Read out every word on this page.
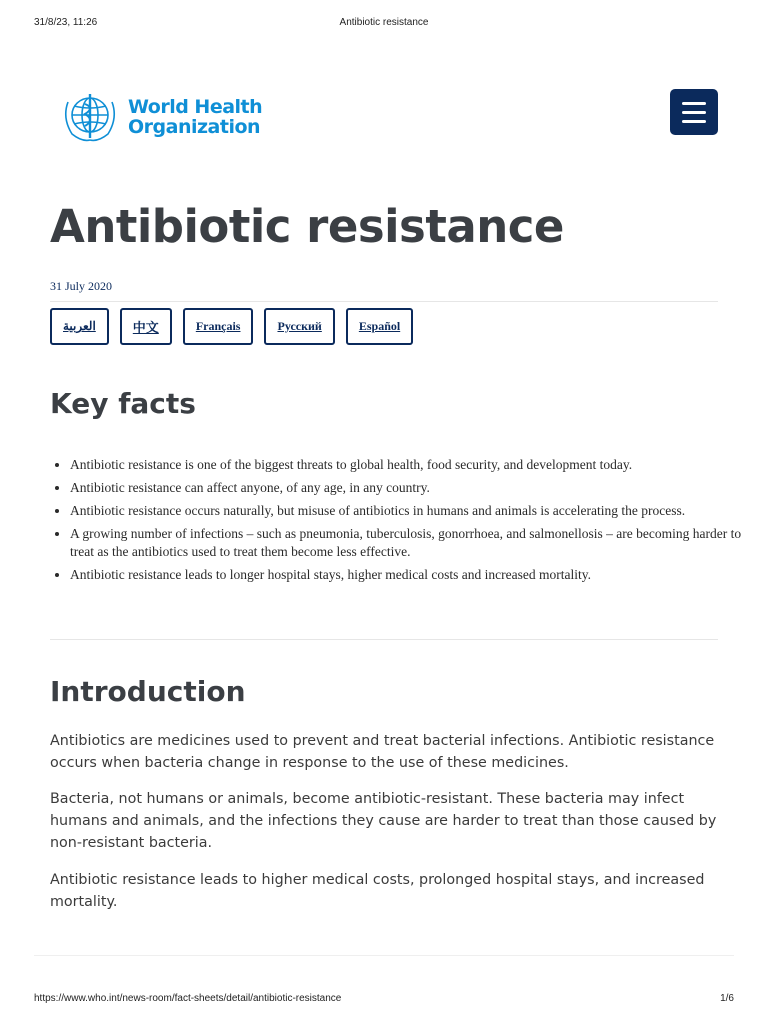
31/8/23, 11:26	Antibiotic resistance
World Health
Organization
Antibiotic resistance
31 July 2020
العربية	中文	Français	Русский	Español
Key facts
• Antibiotic resistance is one of the biggest threats to global health, food security, and development today.
• Antibiotic resistance can affect anyone, of any age, in any country.
• Antibiotic resistance occurs naturally, but misuse of antibiotics in humans and animals is accelerating the process.
• A growing number of infections – such as pneumonia, tuberculosis, gonorrhoea, and salmonellosis – are becoming harder to treat as the antibiotics used to treat them become less effective.
• Antibiotic resistance leads to longer hospital stays, higher medical costs and increased mortality.
Introduction

Antibiotics are medicines used to prevent and treat bacterial infections. Antibiotic resistance occurs when bacteria change in response to the use of these medicines.

Bacteria, not humans or animals, become antibiotic-resistant. These bacteria may infect humans and animals, and the infections they cause are harder to treat than those caused by non-resistant bacteria.

Antibiotic resistance leads to higher medical costs, prolonged hospital stays, and increased mortality.

https://www.who.int/news-room/fact-sheets/detail/antibiotic-resistance	1/6
